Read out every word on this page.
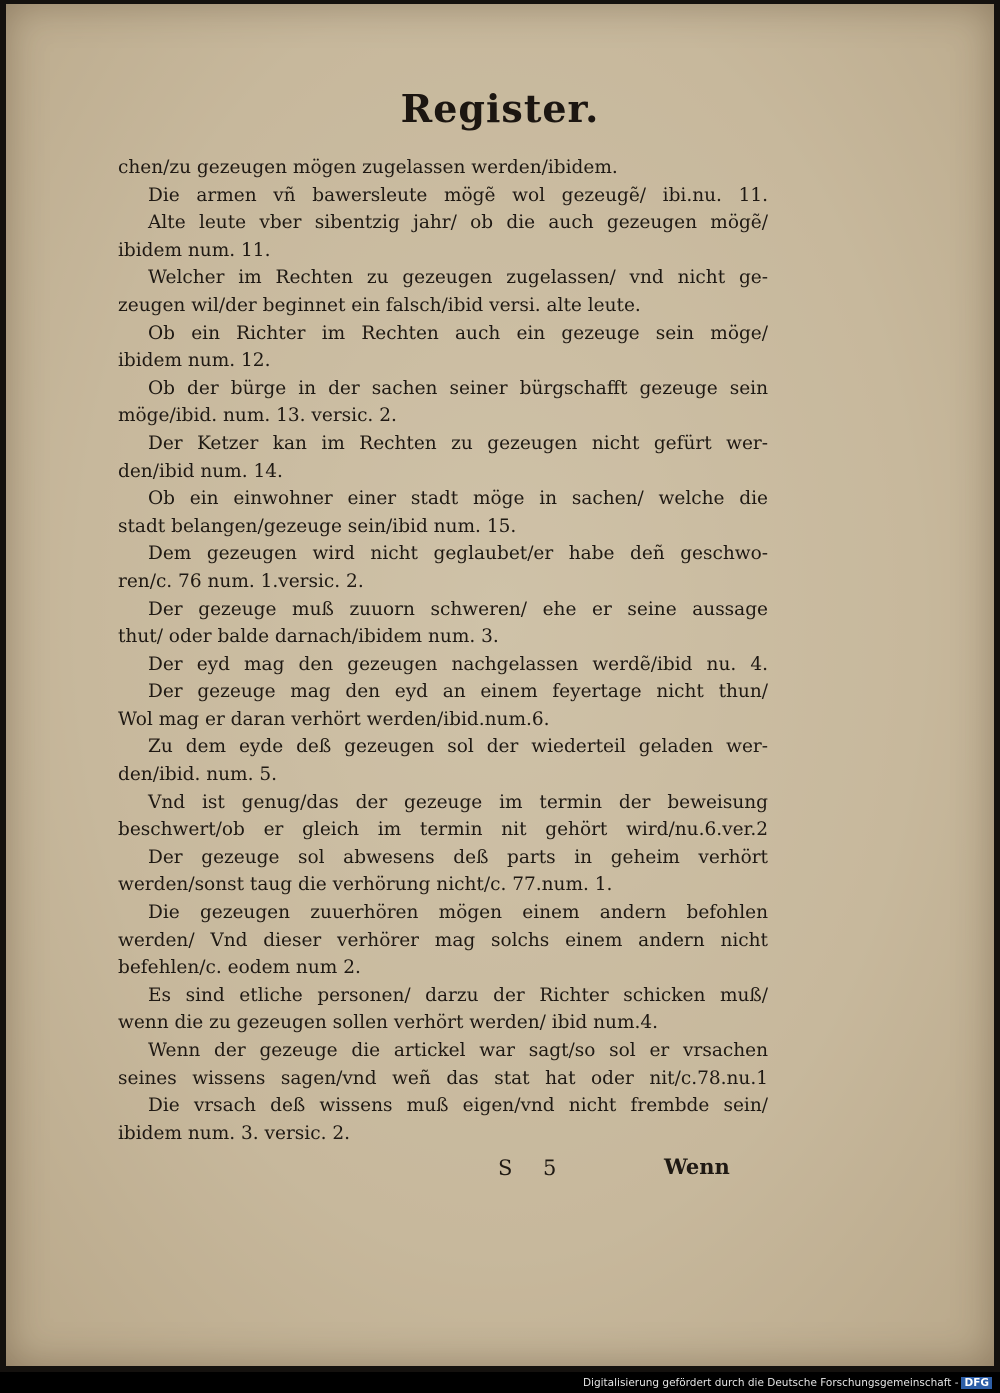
Register.
chen/zu gezeugen mögen zugelassen werden/ibidem.
Die armen vñ bawersleute mögẽ wol gezeugẽ/ ibi.nu. 11.
Alte leute vber sibentzig jahr/ ob die auch gezeugen mögẽ/
ibidem num. 11.
Welcher im Rechten zu gezeugen zugelassen/ vnd nicht ge-
zeugen wil/der beginnet ein falsch/ibid versi. alte leute.
Ob ein Richter im Rechten auch ein gezeuge sein möge/
ibidem num. 12.
Ob der bürge in der sachen seiner bürgschafft gezeuge sein
möge/ibid. num. 13. versic. 2.
Der Ketzer kan im Rechten zu gezeugen nicht gefürt wer-
den/ibid num. 14.
Ob ein einwohner einer stadt möge in sachen/ welche die
stadt belangen/gezeuge sein/ibid num. 15.
Dem gezeugen wird nicht geglaubet/er habe deñ geschwo-
ren/c. 76 num. 1.versic. 2.
Der gezeuge muß zuuorn schweren/ ehe er seine aussage
thut/ oder balde darnach/ibidem num. 3.
Der eyd mag den gezeugen nachgelassen werdẽ/ibid nu. 4.
Der gezeuge mag den eyd an einem feyertage nicht thun/
Wol mag er daran verhört werden/ibid.num.6.
Zu dem eyde deß gezeugen sol der wiederteil geladen wer-
den/ibid. num. 5.
Vnd ist genug/das der gezeuge im termin der beweisung
beschwert/ob er gleich im termin nit gehört wird/nu.6.ver.2
Der gezeuge sol abwesens deß parts in geheim verhört
werden/sonst taug die verhörung nicht/c. 77.num. 1.
Die gezeugen zuuerhören mögen einem andern befohlen
werden/ Vnd dieser verhörer mag solchs einem andern nicht
befehlen/c. eodem num 2.
Es sind etliche personen/ darzu der Richter schicken muß/
wenn die zu gezeugen sollen verhört werden/ ibid num.4.
Wenn der gezeuge die artickel war sagt/so sol er vrsachen
seines wissens sagen/vnd weñ das stat hat oder nit/c.78.nu.1
Die vrsach deß wissens muß eigen/vnd nicht frembde sein/
ibidem num. 3. versic. 2.
S 5	Wenn
Digitalisierung gefördert durch die Deutsche Forschungsgemeinschaft - DFG
